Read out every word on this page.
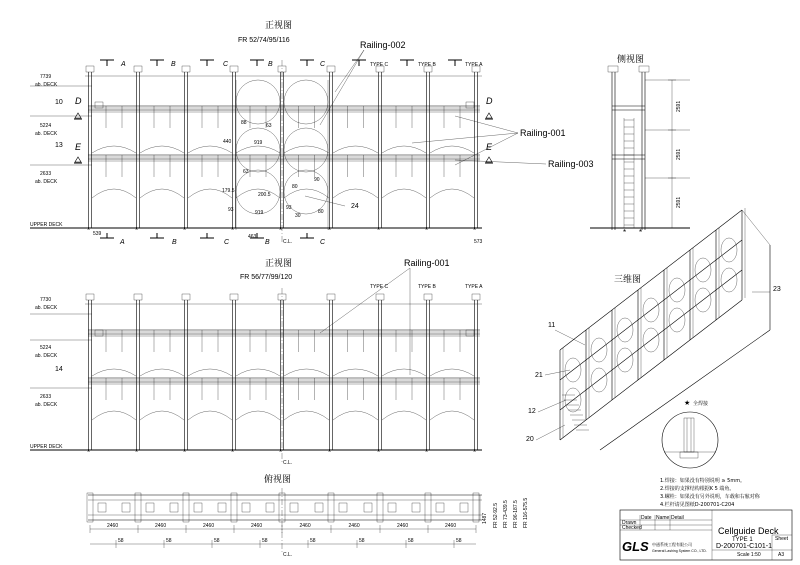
正视图
FR 52/74/95/116
*	*	*	*	*	*	*	*	*
7739
ab. DECK
5224
ab. DECK
2633
ab. DECK
UPPER DECK
10
13
D
E
D
E
A	B	C	B	C	TYPE C	TYPE B	TYPE A
A	B	C	B	C
C.L.
88	63
440	919
63
179.5
93	919
80
90
200.5
80
30
93
463
539
573
24
Railing-002
Railing-001
Railing-003
侧视图
* *
2591
2591
2591
正视图
FR 56/77/99/120
*	*	*	*	*	*	*	*	*
7730
ab. DECK
5224
ab. DECK
2633
ab. DECK
UPPER DECK
14
TYPE C	TYPE B	TYPE A
Railing-001
C.L.
三维图
11
21
12
20
23
★ 全焊接
俯视图
2460	2460	2460	2460	2460	2460	2460	2460
58	58	58	58	58	58	58	58
C.L.
1487 FR 52-92.5 FR 73-439.5 FR 96-187.5 FR 116-575.5
1.焊接：如果没有特别说明 ≥ 5mm。
2.焊接的支撑结构根据K 5 端角。
3.螺栓：如果没有另外说明，车载和右舷对称
4.栏杆请见图纸D-200701-C204
Date Name Detail
Drawn
Checked
GLS 中通系统工程有限公司
General Lashing System CO., LTD.
Cellguide Deck
TYPE 1
D-200701-C101-1
Scale 1:50
Sheet
A3
